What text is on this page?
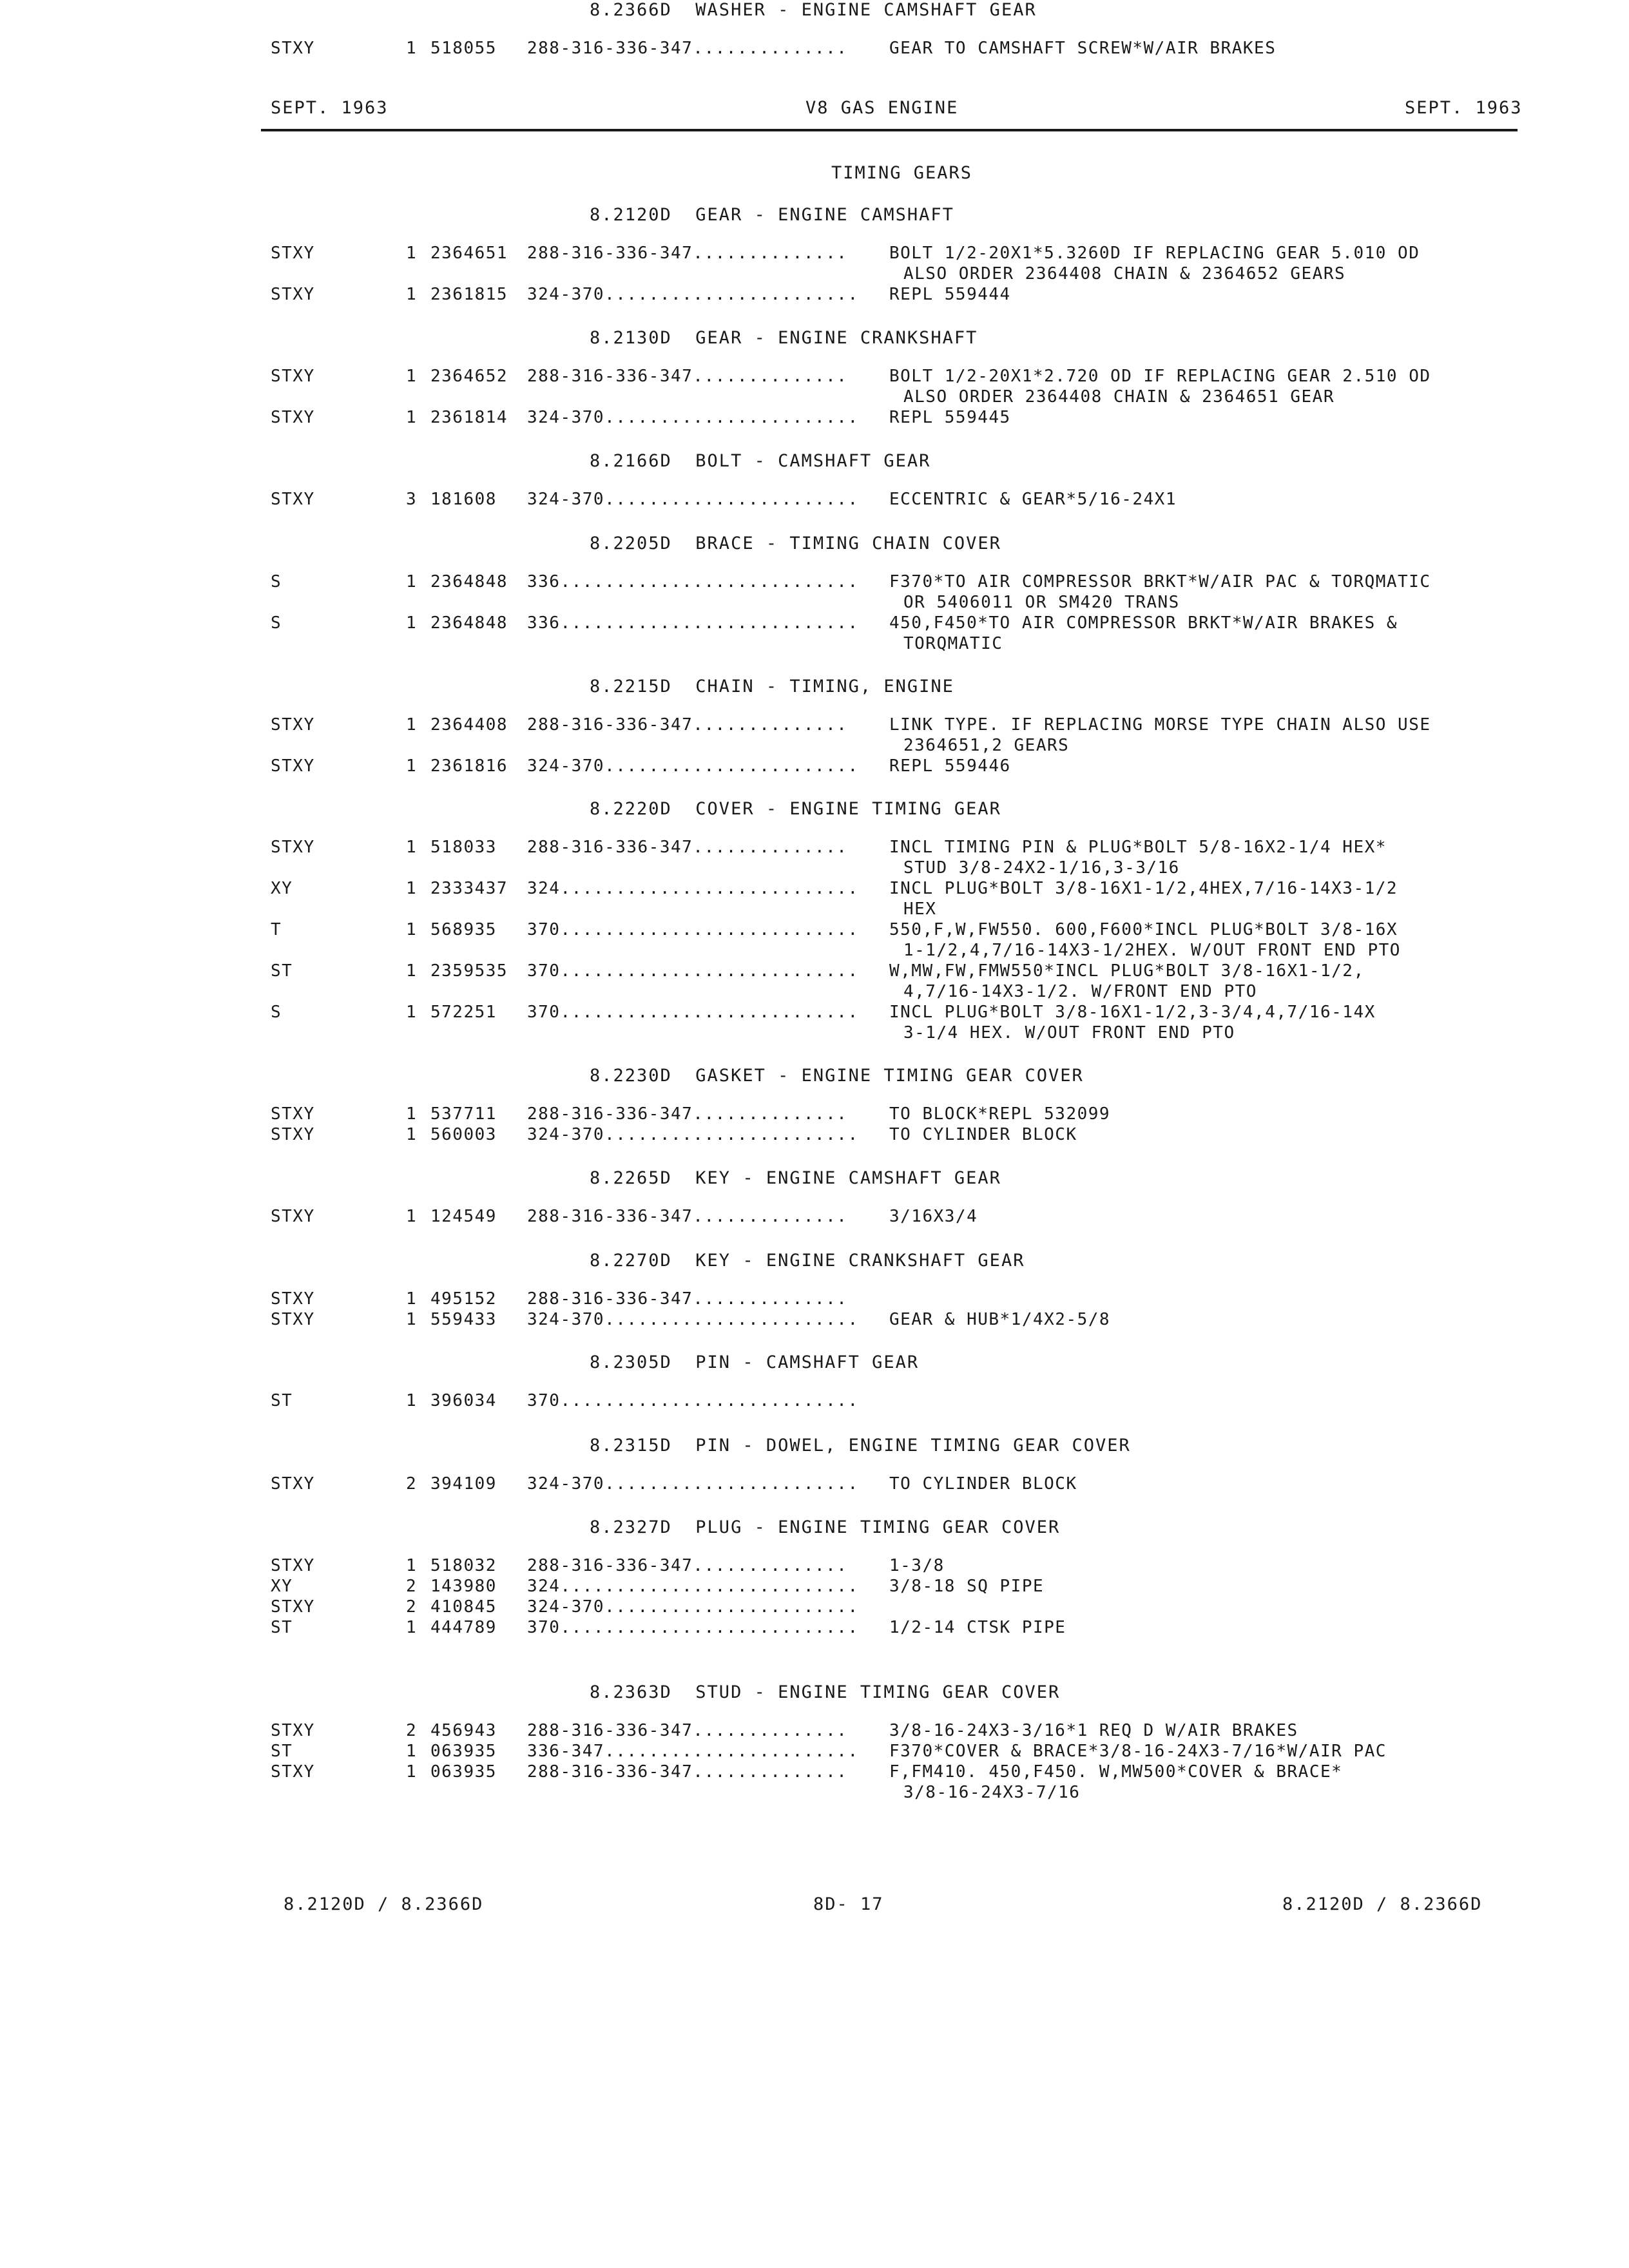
SEPT. 1963	V8 GAS ENGINE	SEPT. 1963
TIMING GEARS
8.2120D  GEAR - ENGINE CAMSHAFT
STXY	1 2364651 288-316-336-347.............. BOLT 1/2-20X1*5.3260D IF REPLACING GEAR 5.010 OD
ALSO ORDER 2364408 CHAIN & 2364652 GEARS
STXY	1 2361815 324-370....................... REPL 559444
8.2130D  GEAR - ENGINE CRANKSHAFT
STXY	1 2364652 288-316-336-347.............. BOLT 1/2-20X1*2.720 OD IF REPLACING GEAR 2.510 OD
ALSO ORDER 2364408 CHAIN & 2364651 GEAR
STXY	1 2361814 324-370....................... REPL 559445
8.2166D  BOLT - CAMSHAFT GEAR
STXY	3 181608 324-370....................... ECCENTRIC & GEAR*5/16-24X1
8.2205D  BRACE - TIMING CHAIN COVER
S	1 2364848 336........................... F370*TO AIR COMPRESSOR BRKT*W/AIR PAC & TORQMATIC
OR 5406011 OR SM420 TRANS
S	1 2364848 336........................... 450,F450*TO AIR COMPRESSOR BRKT*W/AIR BRAKES &
TORQMATIC
8.2215D  CHAIN - TIMING, ENGINE
STXY	1 2364408 288-316-336-347.............. LINK TYPE. IF REPLACING MORSE TYPE CHAIN ALSO USE
2364651,2 GEARS
STXY	1 2361816 324-370....................... REPL 559446
8.2220D  COVER - ENGINE TIMING GEAR
STXY	1 518033 288-316-336-347.............. INCL TIMING PIN & PLUG*BOLT 5/8-16X2-1/4 HEX*
STUD 3/8-24X2-1/16,3-3/16
XY	1 2333437 324........................... INCL PLUG*BOLT 3/8-16X1-1/2,4HEX,7/16-14X3-1/2
HEX
T	1 568935 370........................... 550,F,W,FW550. 600,F600*INCL PLUG*BOLT 3/8-16X
1-1/2,4,7/16-14X3-1/2HEX. W/OUT FRONT END PTO
ST	1 2359535 370........................... W,MW,FW,FMW550*INCL PLUG*BOLT 3/8-16X1-1/2,
4,7/16-14X3-1/2. W/FRONT END PTO
S	1 572251 370........................... INCL PLUG*BOLT 3/8-16X1-1/2,3-3/4,4,7/16-14X
3-1/4 HEX. W/OUT FRONT END PTO
8.2230D  GASKET - ENGINE TIMING GEAR COVER
STXY	1 537711 288-316-336-347.............. TO BLOCK*REPL 532099
STXY	1 560003 324-370....................... TO CYLINDER BLOCK
8.2265D  KEY - ENGINE CAMSHAFT GEAR
STXY	1 124549 288-316-336-347.............. 3/16X3/4
8.2270D  KEY - ENGINE CRANKSHAFT GEAR
STXY	1 495152 288-316-336-347..............
STXY	1 559433 324-370....................... GEAR & HUB*1/4X2-5/8
8.2305D  PIN - CAMSHAFT GEAR
ST	1 396034 370...........................
8.2315D  PIN - DOWEL, ENGINE TIMING GEAR COVER
STXY	2 394109 324-370....................... TO CYLINDER BLOCK
8.2327D  PLUG - ENGINE TIMING GEAR COVER
STXY	1 518032 288-316-336-347.............. 1-3/8
XY	2 143980 324........................... 3/8-18 SQ PIPE
STXY	2 410845 324-370.......................
ST	1 444789 370........................... 1/2-14 CTSK PIPE
8.2363D  STUD - ENGINE TIMING GEAR COVER
STXY	2 456943 288-316-336-347.............. 3/8-16-24X3-3/16*1 REQ D W/AIR BRAKES
ST	1 063935 336-347....................... F370*COVER & BRACE*3/8-16-24X3-7/16*W/AIR PAC
STXY	1 063935 288-316-336-347.............. F,FM410. 450,F450. W,MW500*COVER & BRACE*
3/8-16-24X3-7/16
8.2366D  WASHER - ENGINE CAMSHAFT GEAR
STXY	1 518055 288-316-336-347.............. GEAR TO CAMSHAFT SCREW*W/AIR BRAKES
8.2120D / 8.2366D	8D- 17	8.2120D / 8.2366D
